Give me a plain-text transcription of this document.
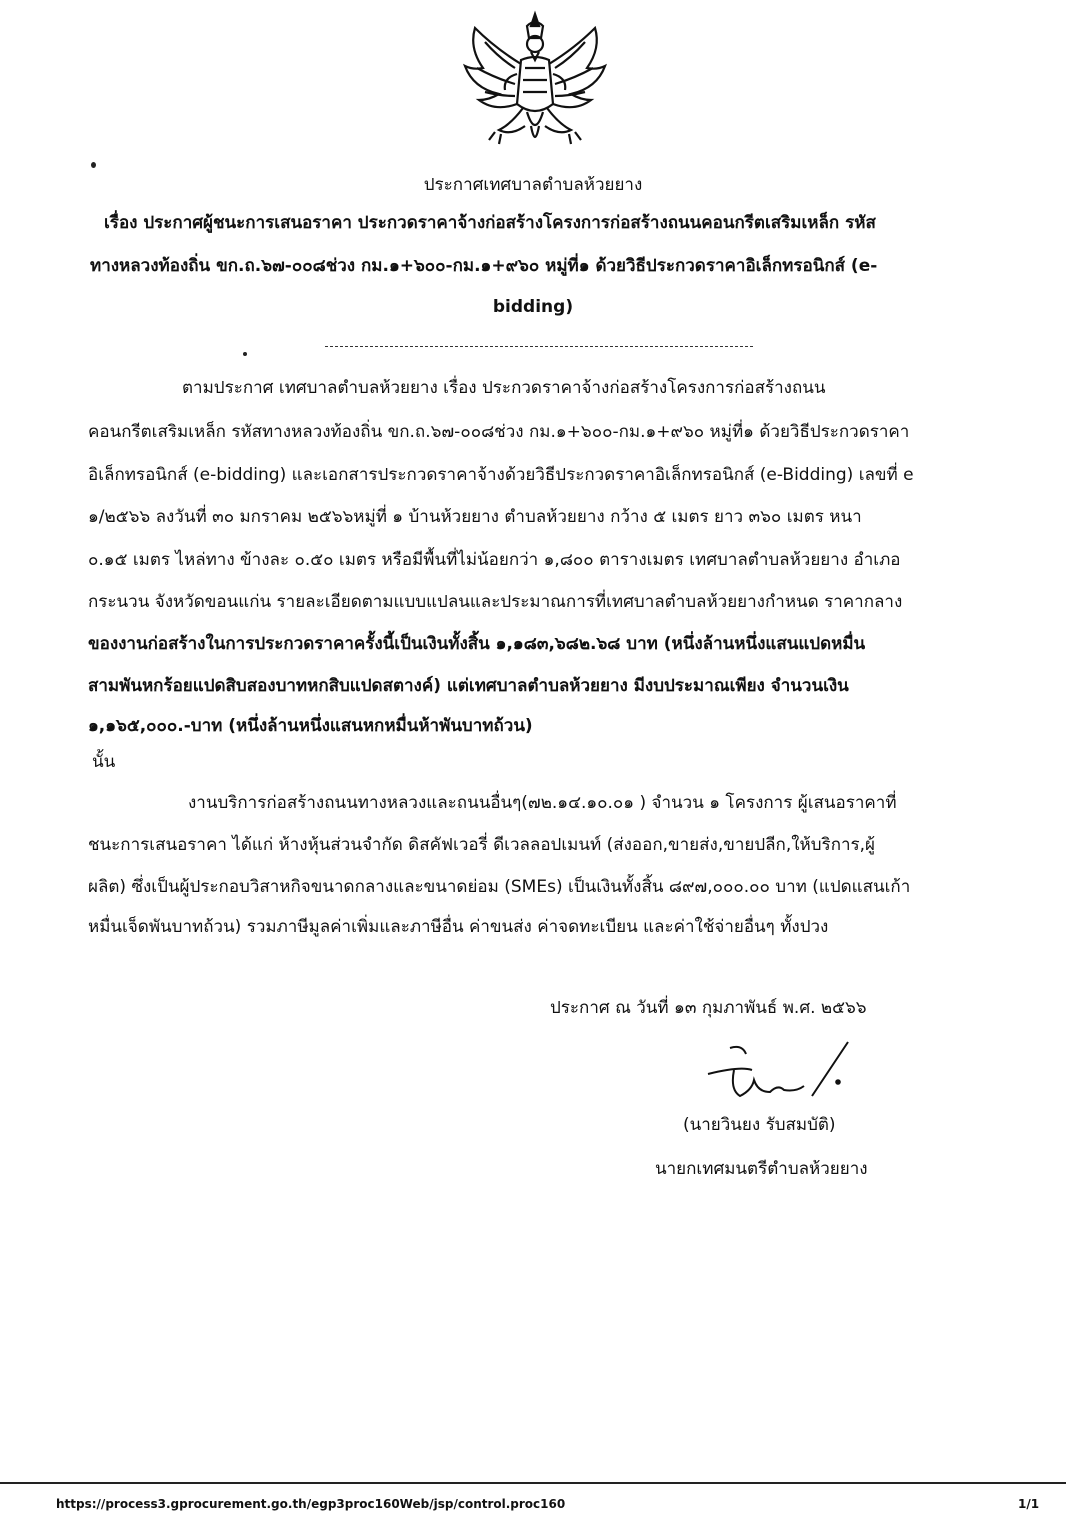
ประกาศเทศบาลตำบลห้วยยาง
เรื่อง ประกาศผู้ชนะการเสนอราคา ประกวดราคาจ้างก่อสร้างโครงการก่อสร้างถนนคอนกรีตเสริมเหล็ก รหัส
ทางหลวงท้องถิ่น ขก.ถ.๖๗-๐๐๘ช่วง กม.๑+๖๐๐-กม.๑+๙๖๐ หมู่ที่๑ ด้วยวิธีประกวดราคาอิเล็กทรอนิกส์ (e-
bidding)
ตามประกาศ เทศบาลตำบลห้วยยาง เรื่อง ประกวดราคาจ้างก่อสร้างโครงการก่อสร้างถนน
คอนกรีตเสริมเหล็ก รหัสทางหลวงท้องถิ่น ขก.ถ.๖๗-๐๐๘ช่วง กม.๑+๖๐๐-กม.๑+๙๖๐ หมู่ที่๑ ด้วยวิธีประกวดราคา
อิเล็กทรอนิกส์ (e-bidding) และเอกสารประกวดราคาจ้างด้วยวิธีประกวดราคาอิเล็กทรอนิกส์ (e-Bidding) เลขที่ e
๑/๒๕๖๖ ลงวันที่ ๓๐ มกราคม ๒๕๖๖หมู่ที่ ๑ บ้านห้วยยาง ตำบลห้วยยาง กว้าง ๕ เมตร ยาว ๓๖๐ เมตร หนา
๐.๑๕ เมตร ไหล่ทาง ข้างละ ๐.๕๐ เมตร หรือมีพื้นที่ไม่น้อยกว่า ๑,๘๐๐ ตารางเมตร เทศบาลตำบลห้วยยาง อำเภอ
กระนวน จังหวัดขอนแก่น รายละเอียดตามแบบแปลนและประมาณการที่เทศบาลตำบลห้วยยางกำหนด ราคากลาง
ของงานก่อสร้างในการประกวดราคาครั้งนี้เป็นเงินทั้งสิ้น ๑,๑๘๓,๖๘๒.๖๘ บาท (หนึ่งล้านหนึ่งแสนแปดหมื่น
สามพันหกร้อยแปดสิบสองบาทหกสิบแปดสตางค์) แต่เทศบาลตำบลห้วยยาง มีงบประมาณเพียง จำนวนเงิน
๑,๑๖๕,๐๐๐.-บาท (หนึ่งล้านหนึ่งแสนหกหมื่นห้าพันบาทถ้วน)
นั้น
งานบริการก่อสร้างถนนทางหลวงและถนนอื่นๆ(๗๒.๑๔.๑๐.๐๑ ) จำนวน ๑ โครงการ ผู้เสนอราคาที่
ชนะการเสนอราคา ได้แก่ ห้างหุ้นส่วนจำกัด ดิสคัฟเวอรี่ ดีเวลลอปเมนท์ (ส่งออก,ขายส่ง,ขายปลีก,ให้บริการ,ผู้
ผลิต) ซึ่งเป็นผู้ประกอบวิสาหกิจขนาดกลางและขนาดย่อม (SMEs) เป็นเงินทั้งสิ้น ๘๙๗,๐๐๐.๐๐ บาท (แปดแสนเก้า
หมื่นเจ็ดพันบาทถ้วน) รวมภาษีมูลค่าเพิ่มและภาษีอื่น ค่าขนส่ง ค่าจดทะเบียน และค่าใช้จ่ายอื่นๆ ทั้งปวง
ประกาศ ณ วันที่ ๑๓ กุมภาพันธ์ พ.ศ. ๒๕๖๖
(นายวินยง รับสมบัติ)
นายกเทศมนตรีตำบลห้วยยาง
https://process3.gprocurement.go.th/egp3proc160Web/jsp/control.proc160	1/1
